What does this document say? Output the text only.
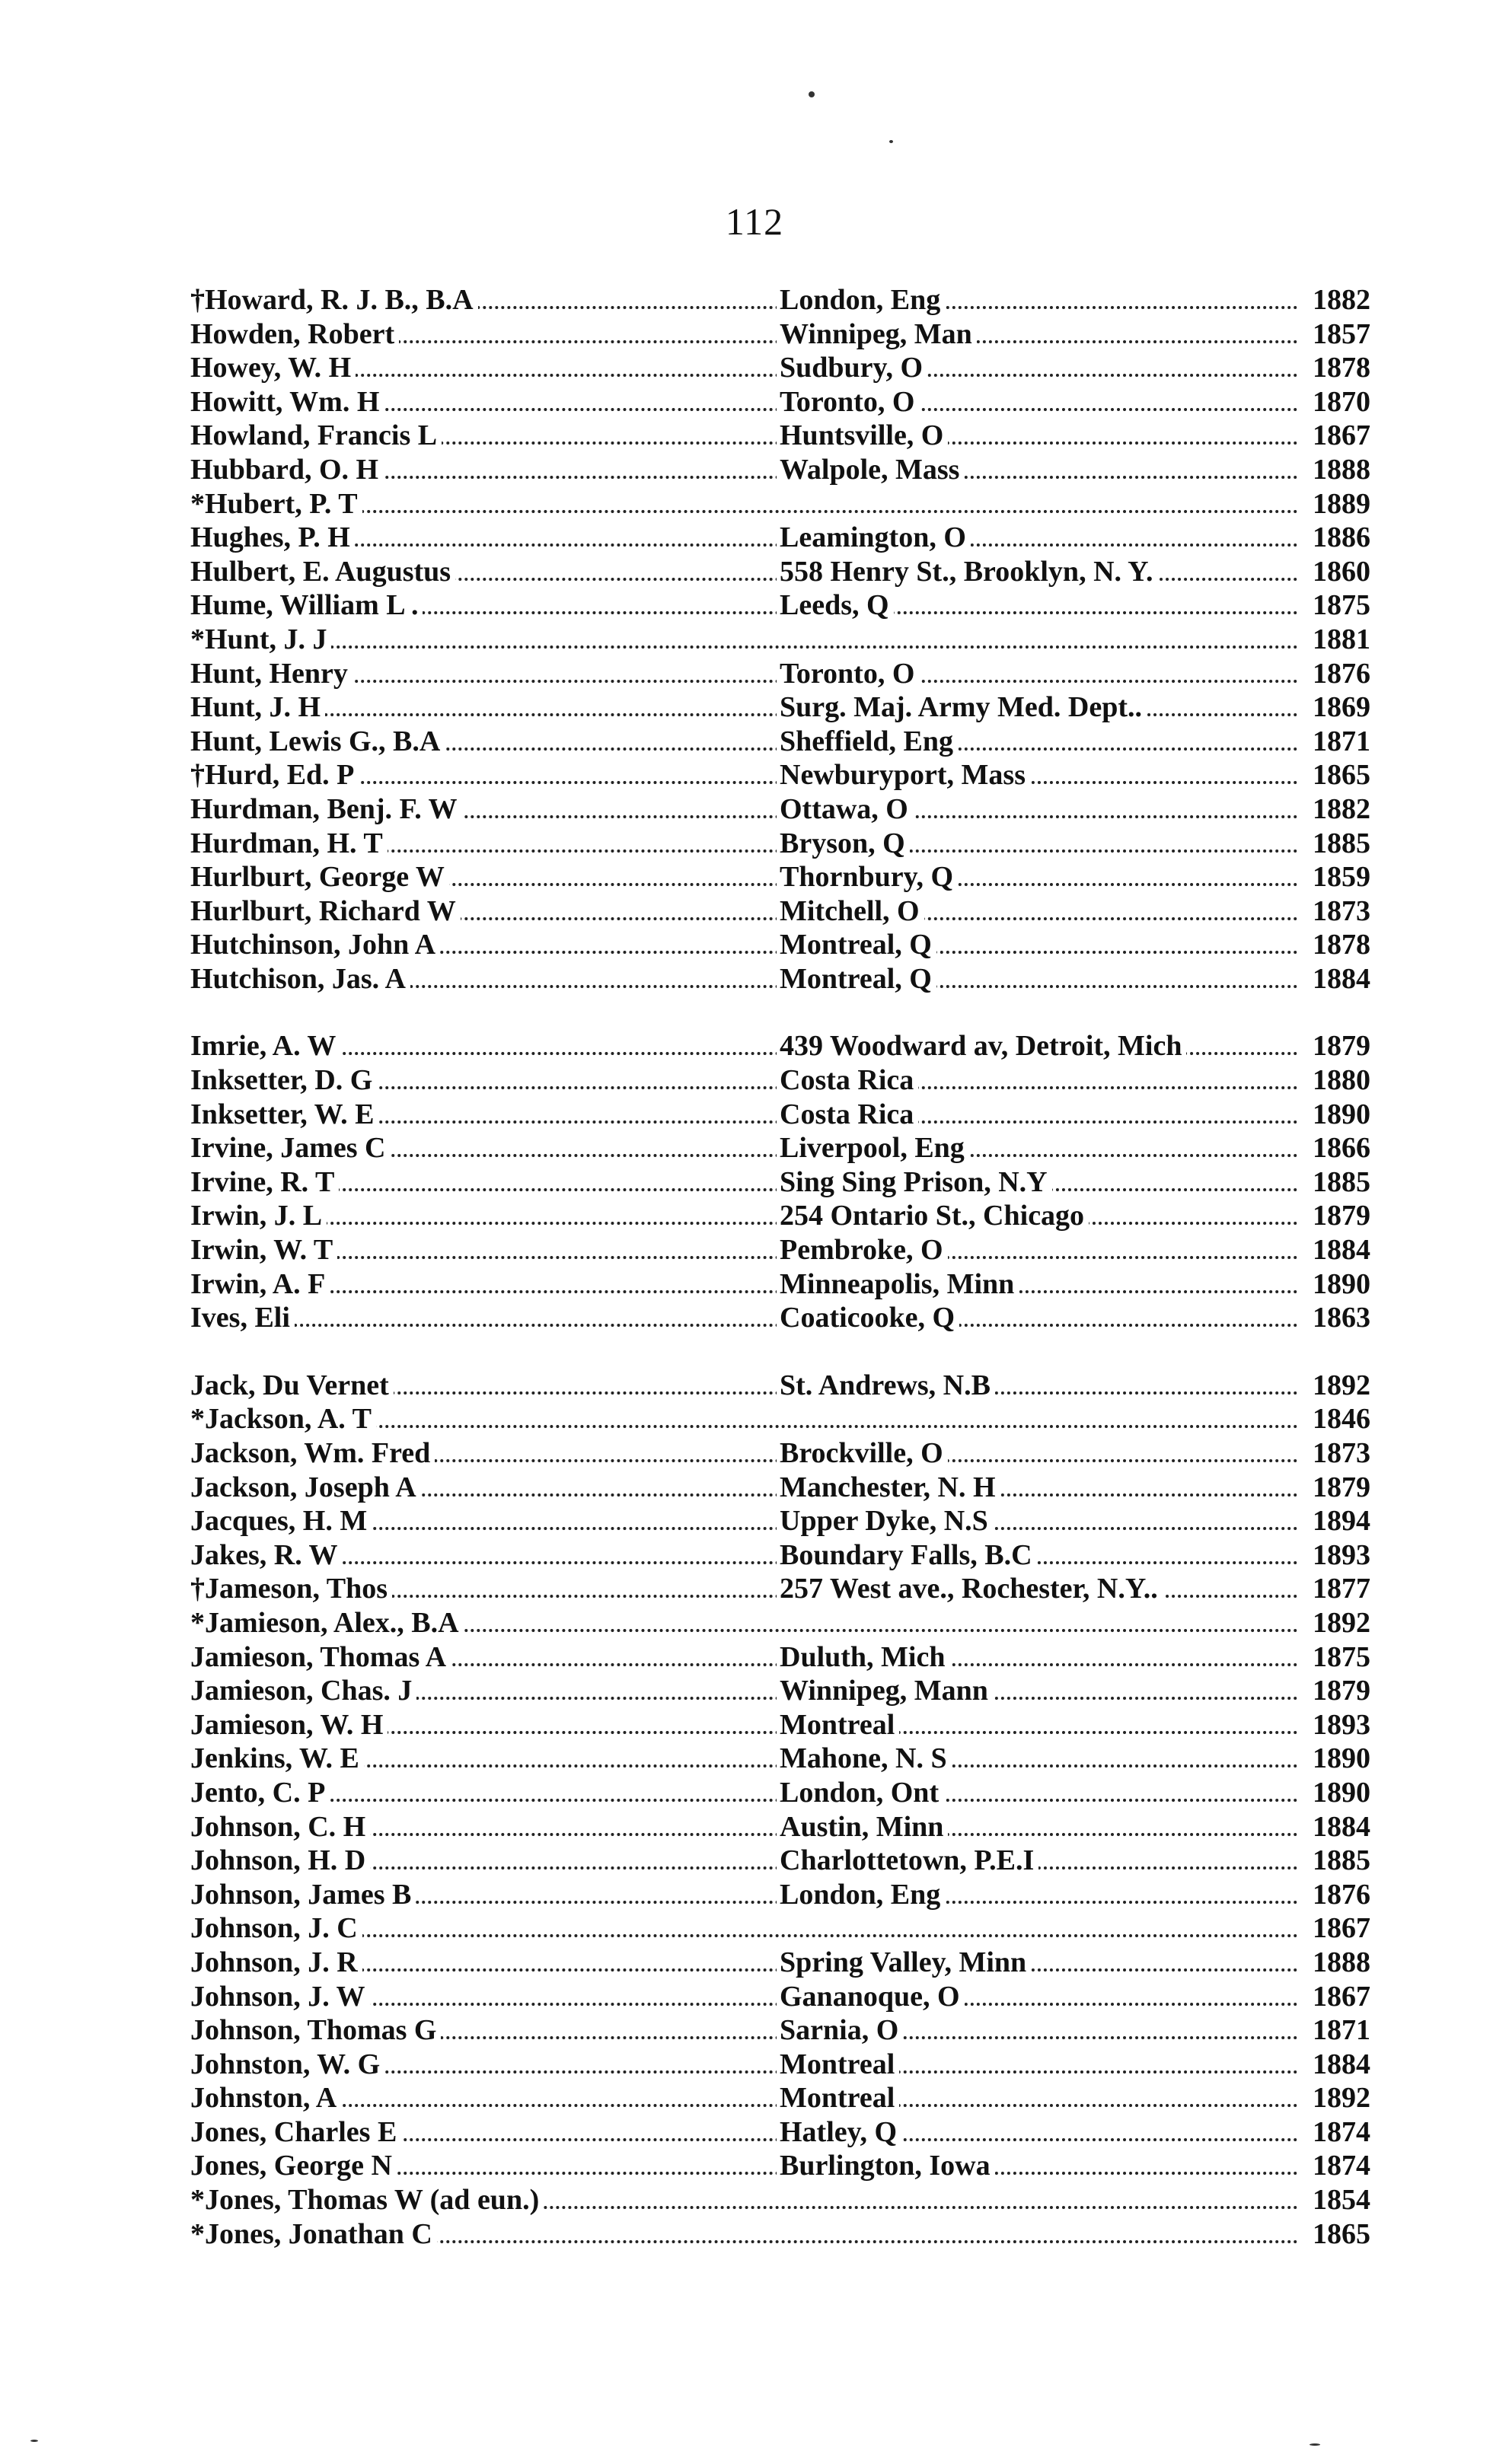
112
†Howard, R. J. B., B.A	London, Eng	1882
Howden, Robert	Winnipeg, Man	1857
Howey, W. H	Sudbury, O	1878
Howitt, Wm. H	Toronto, O	1870
Howland, Francis L	Huntsville, O	1867
Hubbard, O. H	Walpole, Mass	1888
*Hubert, P. T	1889
Hughes, P. H	Leamington, O	1886
Hulbert, E. Augustus	558 Henry St., Brooklyn, N. Y.	1860
Hume, William L .	Leeds, Q	1875
*Hunt, J. J	1881
Hunt, Henry	Toronto, O	1876
Hunt, J. H	Surg. Maj. Army Med. Dept..	1869
Hunt, Lewis G., B.A	Sheffield, Eng	1871
†Hurd, Ed. P	Newburyport, Mass	1865
Hurdman, Benj. F. W	Ottawa, O	1882
Hurdman, H. T	Bryson, Q	1885
Hurlburt, George W	Thornbury, Q	1859
Hurlburt, Richard W	Mitchell, O	1873
Hutchinson, John A	Montreal, Q	1878
Hutchison, Jas. A	Montreal, Q	1884
Imrie, A. W	439 Woodward av, Detroit, Mich	1879
Inksetter, D. G	Costa Rica	1880
Inksetter, W. E	Costa Rica	1890
Irvine, James C	Liverpool, Eng	1866
Irvine, R. T	Sing Sing Prison, N.Y	1885
Irwin, J. L	254 Ontario St., Chicago	1879
Irwin, W. T	Pembroke, O	1884
Irwin, A. F	Minneapolis, Minn	1890
Ives, Eli	Coaticooke, Q	1863
Jack, Du Vernet	St. Andrews, N.B	1892
*Jackson, A. T	1846
Jackson, Wm. Fred	Brockville, O	1873
Jackson, Joseph A	Manchester, N. H	1879
Jacques, H. M	Upper Dyke, N.S	1894
Jakes, R. W	Boundary Falls, B.C	1893
†Jameson, Thos	257 West ave., Rochester, N.Y..	1877
*Jamieson, Alex., B.A	1892
Jamieson, Thomas A	Duluth, Mich	1875
Jamieson, Chas. J	Winnipeg, Mann	1879
Jamieson, W. H	Montreal	1893
Jenkins, W. E	Mahone, N. S	1890
Jento, C. P	London, Ont	1890
Johnson, C. H	Austin, Minn	1884
Johnson, H. D	Charlottetown, P.E.I	1885
Johnson, James B	London, Eng	1876
Johnson, J. C	1867
Johnson, J. R	Spring Valley, Minn	1888
Johnson, J. W	Gananoque, O	1867
Johnson, Thomas G	Sarnia, O	1871
Johnston, W. G	Montreal	1884
Johnston, A	Montreal	1892
Jones, Charles E	Hatley, Q	1874
Jones, George N	Burlington, Iowa	1874
*Jones, Thomas W (ad eun.)	1854
*Jones, Jonathan C	1865
